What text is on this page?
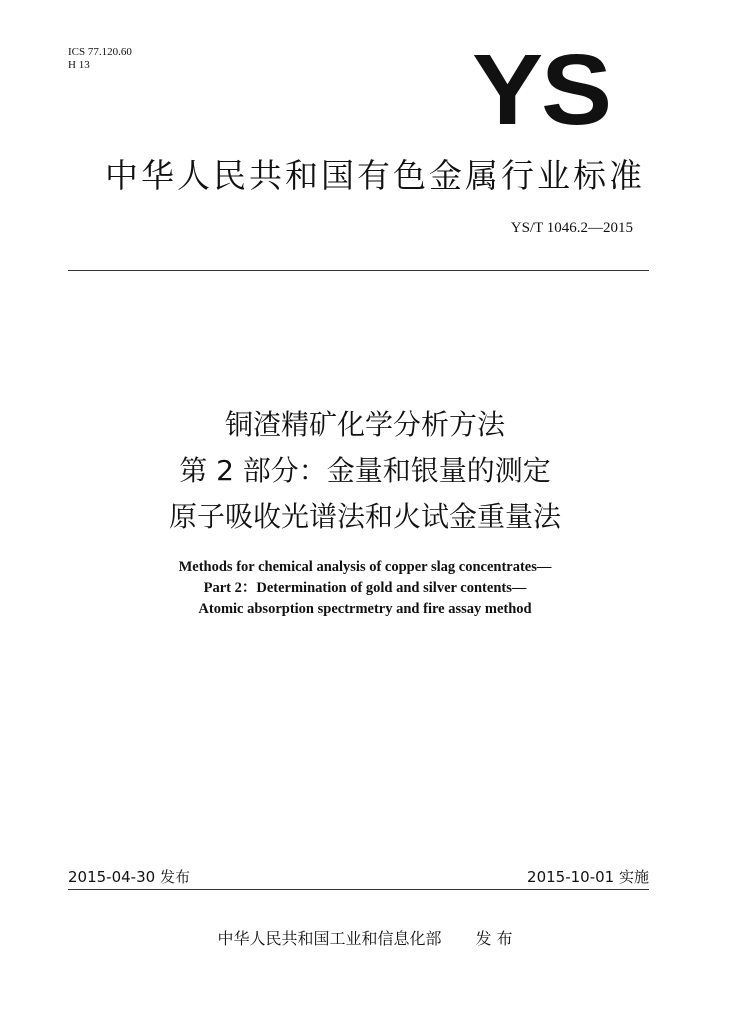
ICS 77.120.60
H 13	YS
中华人民共和国有色金属行业标准
YS/T 1046.2—2015
铜渣精矿化学分析方法
第 2 部分：金量和银量的测定
原子吸收光谱法和火试金重量法
Methods for chemical analysis of copper slag concentrates—
Part 2：Determination of gold and silver contents—
Atomic absorption spectrmetry and fire assay method
2015-04-30 发布	2015-10-01 实施
中华人民共和国工业和信息化部 发 布
